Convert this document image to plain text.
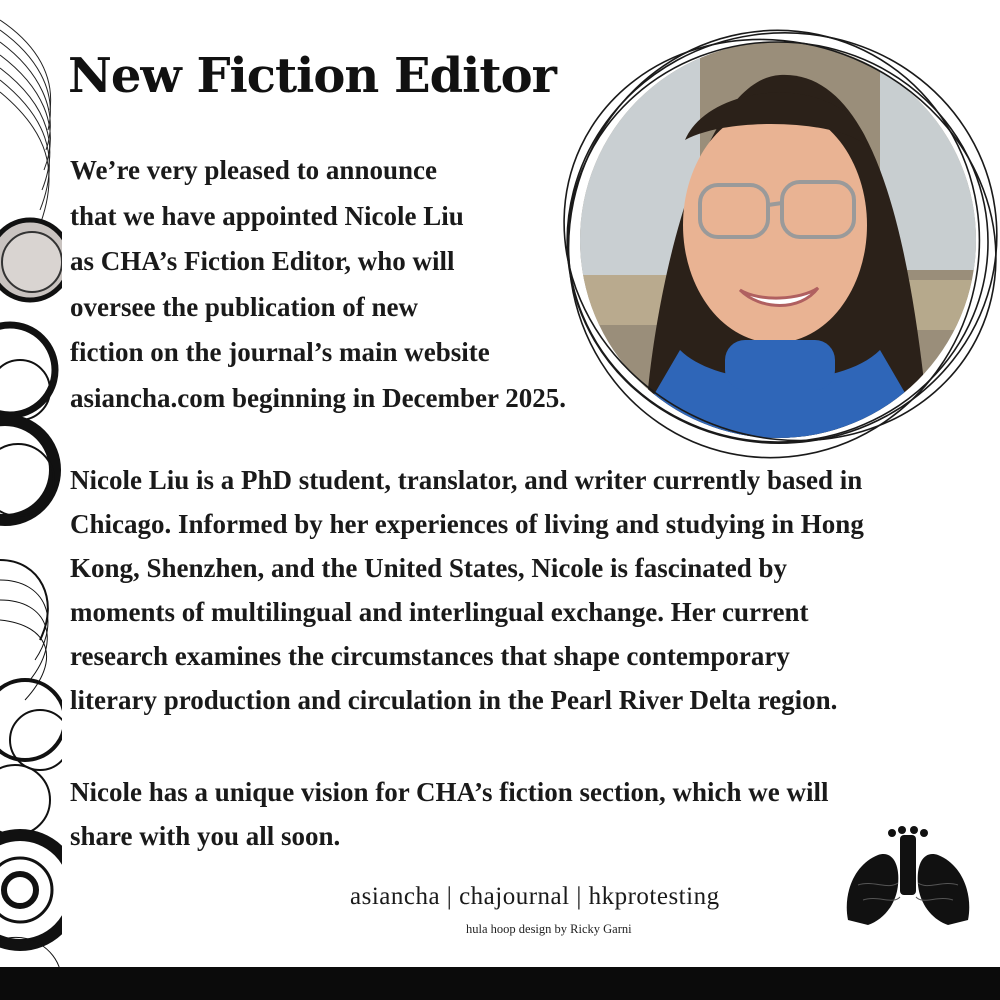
New Fiction Editor
We’re very pleased to announce
that we have appointed Nicole Liu
as CHA’s Fiction Editor, who will
oversee the publication of new
fiction on the journal’s main website
asiancha.com beginning in December 2025.
Nicole Liu is a PhD student, translator, and writer currently based in
Chicago. Informed by her experiences of living and studying in Hong
Kong, Shenzhen, and the United States, Nicole is fascinated by
moments of multilingual and interlingual exchange. Her current
research examines the circumstances that shape contemporary
literary production and circulation in the Pearl River Delta region.
Nicole has a unique vision for CHA’s fiction section, which we will
share with you all soon.
asiancha | chajournal | hkprotesting
hula hoop design by Ricky Garni	Cha
